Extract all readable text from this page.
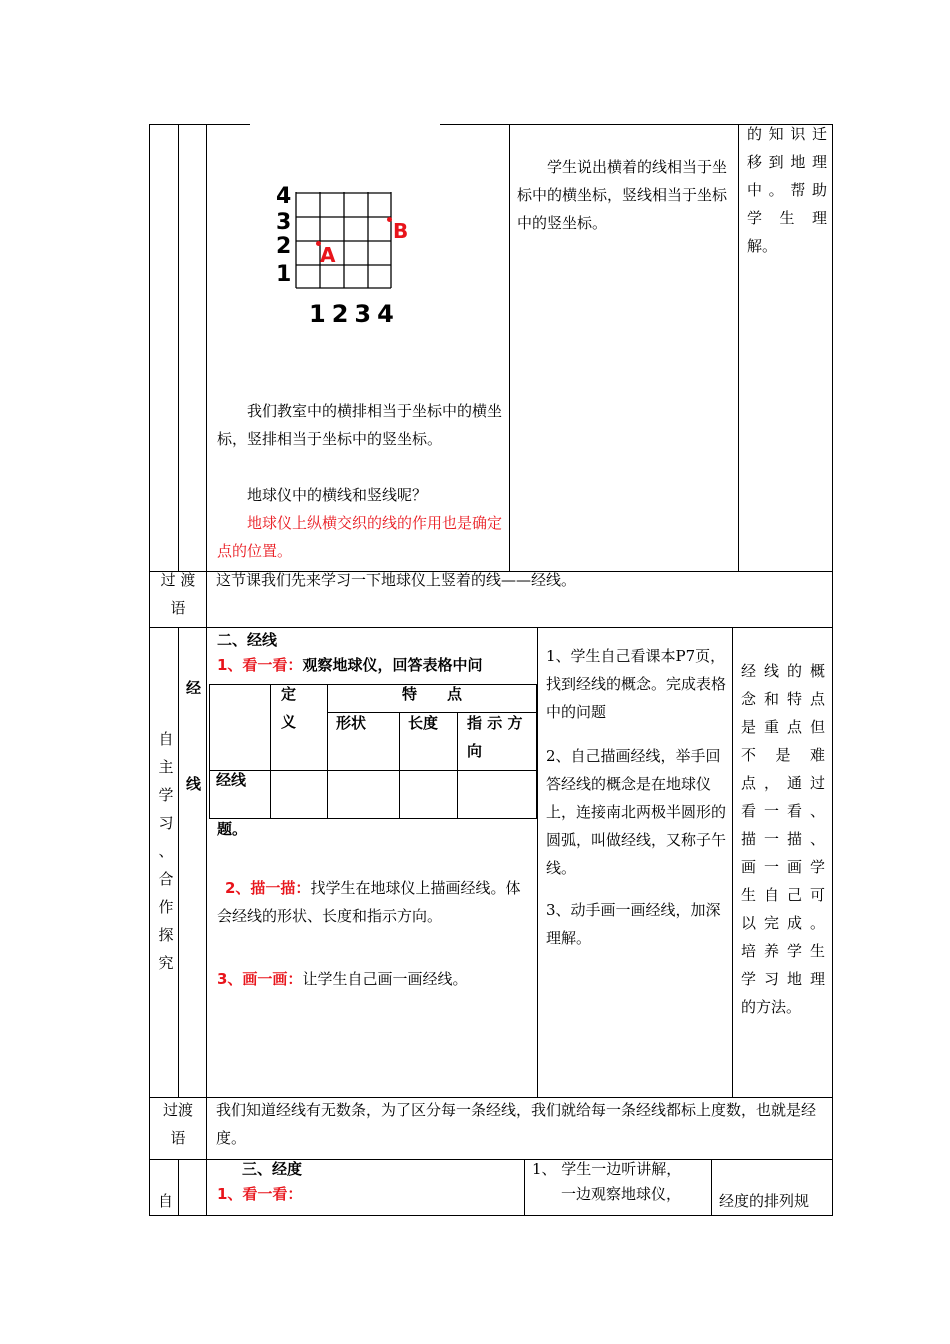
4
3
2
1
1234
A
B
我们教室中的横排相当于坐标中的横坐标，竖排相当于坐标中的竖坐标。
地球仪中的横线和竖线呢？
地球仪上纵横交织的线的作用也是确定点的位置。
学生说出横着的线相当于坐标中的横坐标，竖线相当于坐标中的竖坐标。
的知识迁
移到地理
中。帮助
学 生 理
解。
过 渡
语
这节课我们先来学习一下地球仪上竖着的线——经线。
自
主
学
习
、
合
作
探
究
经
线
二、经线
1、看一看：观察地球仪，回答表格中问
定
义
特　　点
形状	长度 指 示 方
向
经线
题。
2、描一描：找学生在地球仪上描画经线。体会经线的形状、长度和指示方向。
3、画一画：让学生自己画一画经线。
1、学生自己看课本P7页，找到经线的概念。完成表格中的问题
2、自己描画经线，举手回答经线的概念是在地球仪上，连接南北两极半圆形的圆弧，叫做经线，又称子午线。
3、动手画一画经线，加深理解。
经线的概
念和特点
是重点但
不 是 难
点，通过
看一看、
描一描、
画一画学
生自己可
以完成。
培养学生
学习地理
的方法。
过渡
语
我们知道经线有无数条，为了区分每一条经线，我们就给每一条经线都标上度数，也就是经度。
自
三、经度
1、看一看：
1、 学生一边听讲解，
一边观察地球仪，	经度的排列规
